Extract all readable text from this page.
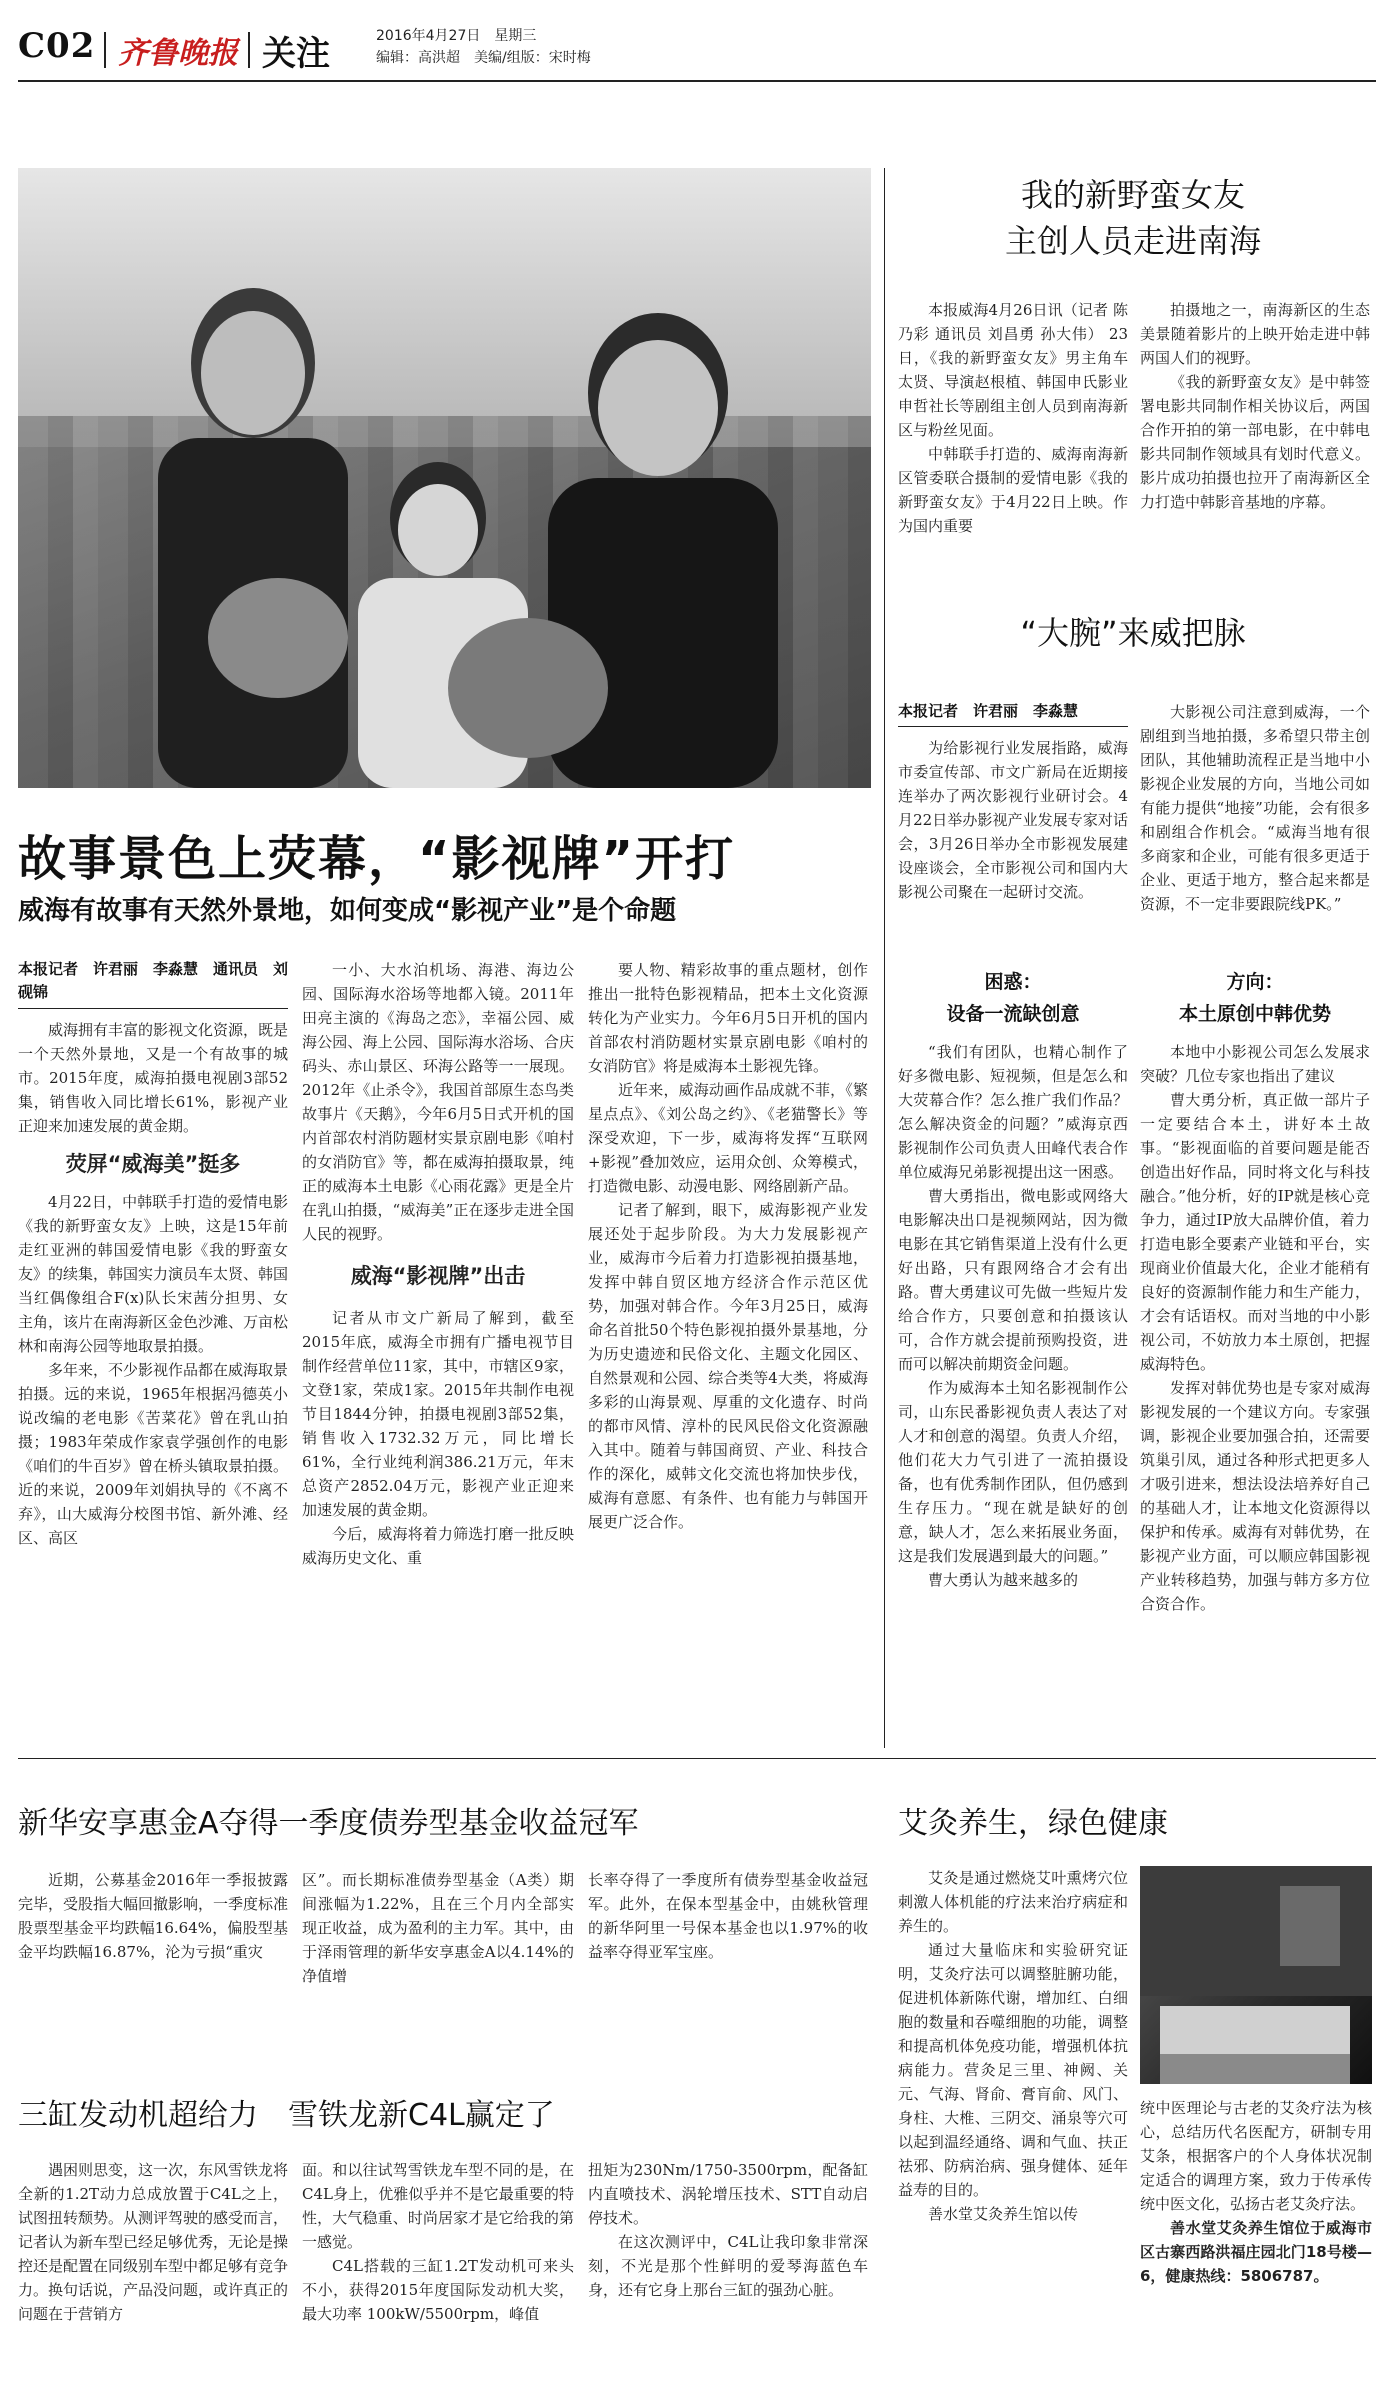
C02 齐鲁晚报 关注	2016年4月27日　星期三
编辑：高洪超　美编/组版：宋时梅
故事景色上荧幕，“影视牌”开打
威海有故事有天然外景地，如何变成“影视产业”是个命题
本报记者　许君丽　李淼慧　通讯员　刘砚锦

威海拥有丰富的影视文化资源，既是一个天然外景地，又是一个有故事的城市。2015年度，威海拍摄电视剧3部52集，销售收入同比增长61%，影视产业正迎来加速发展的黄金期。

荧屏“威海美”挺多

4月22日，中韩联手打造的爱情电影《我的新野蛮女友》上映，这是15年前走红亚洲的韩国爱情电影《我的野蛮女友》的续集，韩国实力演员车太贤、韩国当红偶像组合F(x)队长宋茜分担男、女主角，该片在南海新区金色沙滩、万亩松林和南海公园等地取景拍摄。

多年来，不少影视作品都在威海取景拍摄。远的来说，1965年根据冯德英小说改编的老电影《苦菜花》曾在乳山拍摄；1983年荣成作家袁学强创作的电影《咱们的牛百岁》曾在桥头镇取景拍摄。近的来说，2009年刘娟执导的《不离不弃》，山大威海分校图书馆、新外滩、经区、高区

一小、大水泊机场、海港、海边公园、国际海水浴场等地都入镜。2011年田亮主演的《海岛之恋》，幸福公园、威海公园、海上公园、国际海水浴场、合庆码头、赤山景区、环海公路等一一展现。2012年《止杀令》，我国首部原生态鸟类故事片《天鹅》，今年6月5日式开机的国内首部农村消防题材实景京剧电影《咱村的女消防官》等，都在威海拍摄取景，纯正的威海本土电影《心雨花露》更是全片在乳山拍摄，“威海美”正在逐步走进全国人民的视野。

威海“影视牌”出击

记者从市文广新局了解到，截至2015年底，威海全市拥有广播电视节目制作经营单位11家，其中，市辖区9家，文登1家，荣成1家。2015年共制作电视节目1844分钟，拍摄电视剧3部52集，销售收入1732.32万元，同比增长61%，全行业纯利润386.21万元，年末总资产2852.04万元，影视产业正迎来加速发展的黄金期。

今后，威海将着力筛选打磨一批反映威海历史文化、重

要人物、精彩故事的重点题材，创作推出一批特色影视精品，把本土文化资源转化为产业实力。今年6月5日开机的国内首部农村消防题材实景京剧电影《咱村的女消防官》将是威海本土影视先锋。

近年来，威海动画作品成就不菲，《繁星点点》、《刘公岛之约》、《老猫警长》等深受欢迎，下一步，威海将发挥“互联网+影视”叠加效应，运用众创、众筹模式，打造微电影、动漫电影、网络剧新产品。

记者了解到，眼下，威海影视产业发展还处于起步阶段。为大力发展影视产业，威海市今后着力打造影视拍摄基地，发挥中韩自贸区地方经济合作示范区优势，加强对韩合作。今年3月25日，威海命名首批50个特色影视拍摄外景基地，分为历史遗迹和民俗文化、主题文化园区、自然景观和公园、综合类等4大类，将威海多彩的山海景观、厚重的文化遗存、时尚的都市风情、淳朴的民风民俗文化资源融入其中。随着与韩国商贸、产业、科技合作的深化，威韩文化交流也将加快步伐，威海有意愿、有条件、也有能力与韩国开展更广泛合作。

我的新野蛮女友
主创人员走进南海

本报威海4月26日讯（记者 陈乃彩 通讯员 刘昌勇 孙大伟） 23日，《我的新野蛮女友》男主角车太贤、导演赵根植、韩国申氏影业申哲社长等剧组主创人员到南海新区与粉丝见面。

中韩联手打造的、威海南海新区管委联合摄制的爱情电影《我的新野蛮女友》于4月22日上映。作为国内重要

拍摄地之一，南海新区的生态美景随着影片的上映开始走进中韩两国人们的视野。

《我的新野蛮女友》是中韩签署电影共同制作相关协议后，两国合作开拍的第一部电影，在中韩电影共同制作领域具有划时代意义。影片成功拍摄也拉开了南海新区全力打造中韩影音基地的序幕。

“大腕”来威把脉
本报记者　许君丽　李淼慧

为给影视行业发展指路，威海市委宣传部、市文广新局在近期接连举办了两次影视行业研讨会。4月22日举办影视产业发展专家对话会，3月26日举办全市影视发展建设座谈会，全市影视公司和国内大影视公司聚在一起研讨交流。

大影视公司注意到威海，一个剧组到当地拍摄，多希望只带主创团队，其他辅助流程正是当地中小影视企业发展的方向，当地公司如有能力提供“地接”功能，会有很多和剧组合作机会。“威海当地有很多商家和企业，可能有很多更适于企业、更适于地方，整合起来都是资源，不一定非要跟院线PK。”

困惑：
设备一流缺创意
方向：
本土原创中韩优势

“我们有团队，也精心制作了好多微电影、短视频，但是怎么和大荧幕合作？怎么推广我们作品？怎么解决资金的问题？”威海京西影视制作公司负责人田峰代表合作单位威海兄弟影视提出这一困惑。

曹大勇指出，微电影或网络大电影解决出口是视频网站，因为微电影在其它销售渠道上没有什么更好出路，只有跟网络合才会有出路。曹大勇建议可先做一些短片发给合作方，只要创意和拍摄该认可，合作方就会提前预购投资，进而可以解决前期资金问题。

作为威海本土知名影视制作公司，山东民番影视负责人表达了对人才和创意的渴望。负责人介绍，他们花大力气引进了一流拍摄设备，也有优秀制作团队，但仍感到生存压力。“现在就是缺好的创意，缺人才，怎么来拓展业务面，这是我们发展遇到最大的问题。”

曹大勇认为越来越多的

本地中小影视公司怎么发展求突破？几位专家也指出了建议

曹大勇分析，真正做一部片子一定要结合本土，讲好本土故事。“影视面临的首要问题是能否创造出好作品，同时将文化与科技融合。”他分析，好的IP就是核心竞争力，通过IP放大品牌价值，着力打造电影全要素产业链和平台，实现商业价值最大化，企业才能稍有良好的资源制作能力和生产能力，才会有话语权。而对当地的中小影视公司，不妨放力本土原创，把握威海特色。

发挥对韩优势也是专家对威海影视发展的一个建议方向。专家强调，影视企业要加强合拍，还需要筑巢引凤，通过各种形式把更多人才吸引进来，想法设法培养好自己的基础人才，让本地文化资源得以保护和传承。威海有对韩优势，在影视产业方面，可以顺应韩国影视产业转移趋势，加强与韩方多方位合资合作。

新华安享惠金A夺得一季度债券型基金收益冠军

近期，公募基金2016年一季报披露完毕，受股指大幅回撤影响，一季度标准股票型基金平均跌幅16.64%，偏股型基金平均跌幅16.87%，沦为亏损“重灾

区”。而长期标准债券型基金（A类）期间涨幅为1.22%，且在三个月内全部实现正收益，成为盈利的主力军。其中，由于泽雨管理的新华安享惠金A以4.14%的净值增

长率夺得了一季度所有债券型基金收益冠军。此外，在保本型基金中，由姚秋管理的新华阿里一号保本基金也以1.97%的收益率夺得亚军宝座。

三缸发动机超给力　雪铁龙新C4L赢定了

遇困则思变，这一次，东风雪铁龙将全新的1.2T动力总成放置于C4L之上，试图扭转颓势。从测评驾驶的感受而言，记者认为新车型已经足够优秀，无论是操控还是配置在同级别车型中都足够有竞争力。换句话说，产品没问题，或许真正的问题在于营销方

面。和以往试驾雪铁龙车型不同的是，在C4L身上，优雅似乎并不是它最重要的特性，大气稳重、时尚居家才是它给我的第一感觉。

C4L搭载的三缸1.2T发动机可来头不小，获得2015年度国际发动机大奖，最大功率 100kW/5500rpm，峰值

扭矩为230Nm/1750-3500rpm，配备缸内直喷技术、涡轮增压技术、STT自动启停技术。

在这次测评中，C4L让我印象非常深刻，不光是那个性鲜明的爱琴海蓝色车身，还有它身上那台三缸的强劲心脏。

艾灸养生，绿色健康

艾灸是通过燃烧艾叶熏烤穴位刺激人体机能的疗法来治疗病症和养生的。

通过大量临床和实验研究证明，艾灸疗法可以调整脏腑功能，促进机体新陈代谢，增加红、白细胞的数量和吞噬细胞的功能，调整和提高机体免疫功能，增强机体抗病能力。营灸足三里、神阙、关元、气海、肾俞、膏肓俞、风门、身柱、大椎、三阴交、涌泉等穴可以起到温经通络、调和气血、扶正祛邪、防病治病、强身健体、延年益寿的目的。

善水堂艾灸养生馆以传

统中医理论与古老的艾灸疗法为核心，总结历代名医配方，研制专用艾条，根据客户的个人身体状况制定适合的调理方案，致力于传承传统中医文化，弘扬古老艾灸疗法。

善水堂艾灸养生馆位于威海市区古寨西路洪福庄园北门18号楼—6，健康热线：5806787。
